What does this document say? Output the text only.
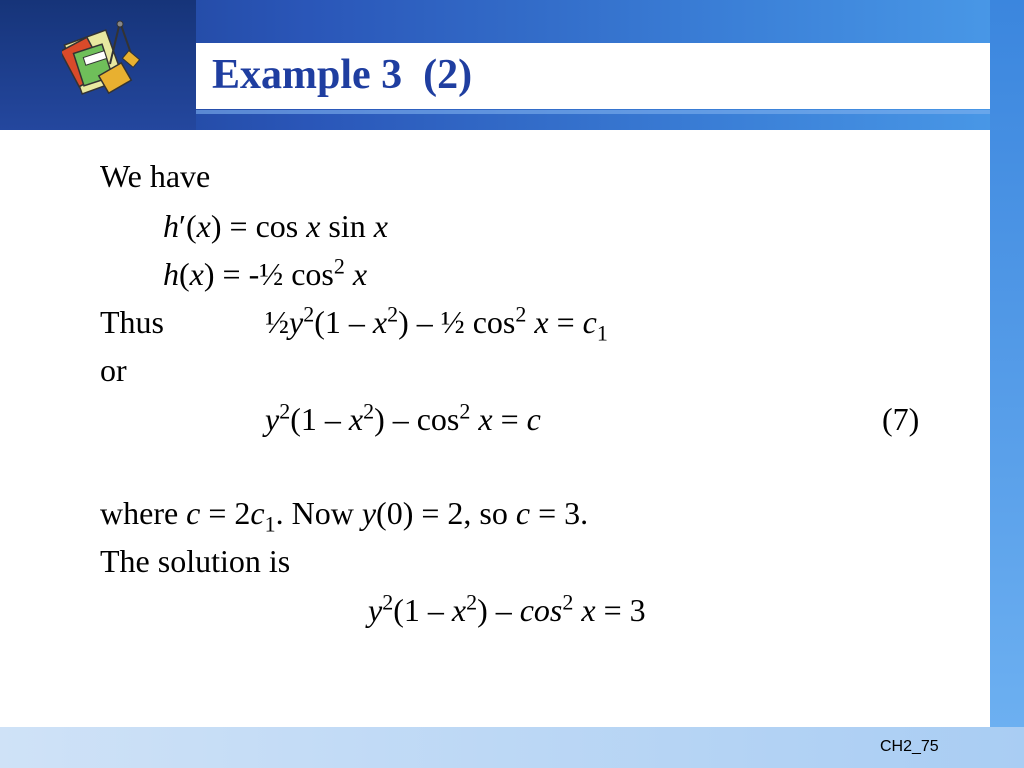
Example 3  (2)
We have
h′(x) = cos x sin x
h(x) = -½ $\cos^2 x$
Thus	$\frac{1}{2}y^2(1 - x^2)$ – ½ $\cos^2 x = c_1$
or
$y^2(1 - x^2) - \cos^2 x = c$	(7)
where $c = 2c_1$. Now y(0) = 2, so c = 3.
The solution is
$y^2(1 - x^2) - \cos^2 x = 3$
CH2_75
